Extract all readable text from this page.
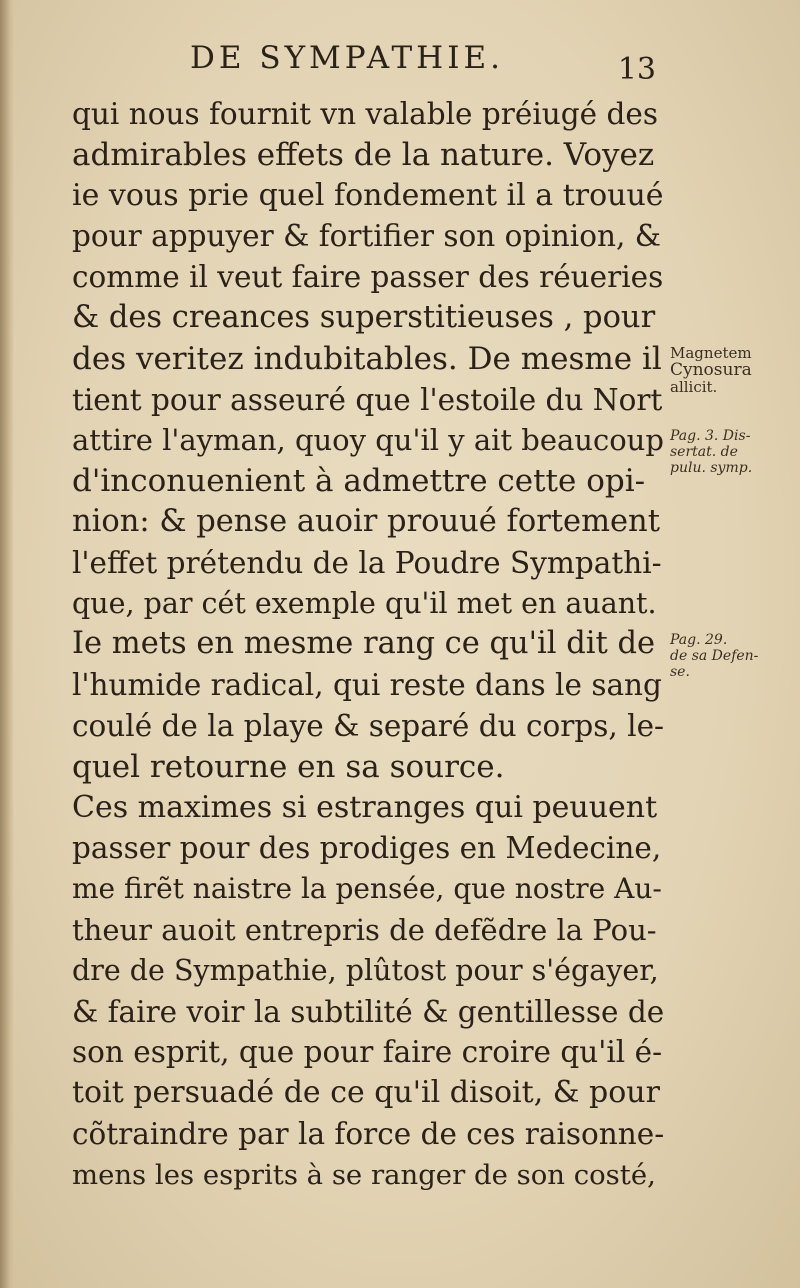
DE SYMPATHIE.	13
qui nous fournit vn valable préiugé des
admirables effets de la nature. Voyez
ie vous prie quel fondement il a trouué
pour appuyer & fortifier son opinion, &
comme il veut faire passer des réueries
& des creances superstitieuses , pour
des veritez indubitables. De mesme il
tient pour asseuré que l'estoile du Nort
attire l'ayman, quoy qu'il y ait beaucoup
d'inconuenient à admettre cette opi-
nion: & pense auoir prouué fortement
l'effet prétendu de la Poudre Sympathi-
que, par cét exemple qu'il met en auant.
Ie mets en mesme rang ce qu'il dit de
l'humide radical, qui reste dans le sang
coulé de la playe & separé du corps, le-
quel retourne en sa source.
Ces maximes si estranges qui peuuent
passer pour des prodiges en Medecine,
me firẽt naistre la pensée, que nostre Au-
theur auoit entrepris de defẽdre la Pou-
dre de Sympathie, plûtost pour s'égayer,
& faire voir la subtilité & gentillesse de
son esprit, que pour faire croire qu'il é-
toit persuadé de ce qu'il disoit, & pour
cõtraindre par la force de ces raisonne-
mens les esprits à se ranger de son costé,
Magnetem
Cynosura
allicit.
Pag. 3. Dis-
sertat. de
pulu. symp.
Pag. 29.
de sa Defen-
se.
